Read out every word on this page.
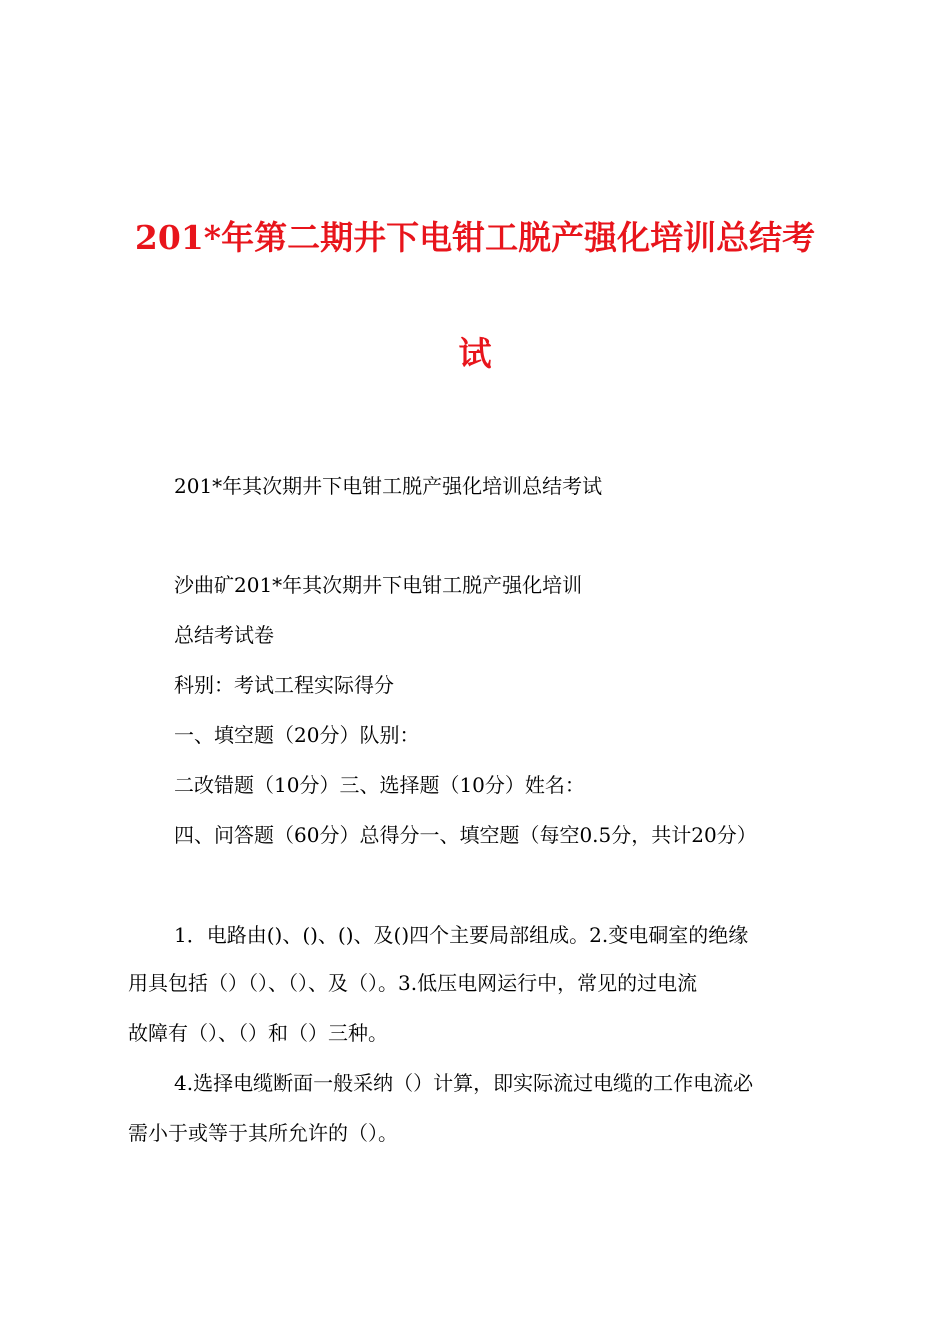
201*年第二期井下电钳工脱产强化培训总结考
试
201*年其次期井下电钳工脱产强化培训总结考试
沙曲矿201*年其次期井下电钳工脱产强化培训
总结考试卷
科别：考试工程实际得分
一、填空题（20分）队别：
二改错题（10分）三、选择题（10分）姓名：
四、问答题（60分）总得分一、填空题（每空0.5分，共计20分）
1．电路由()、()、()、及()四个主要局部组成。2.变电硐室的绝缘
用具包括（）（）、（）、及（）。3.低压电网运行中，常见的过电流
故障有（）、（）和（）三种。
4.选择电缆断面一般采纳（）计算，即实际流过电缆的工作电流必
需小于或等于其所允许的（）。
